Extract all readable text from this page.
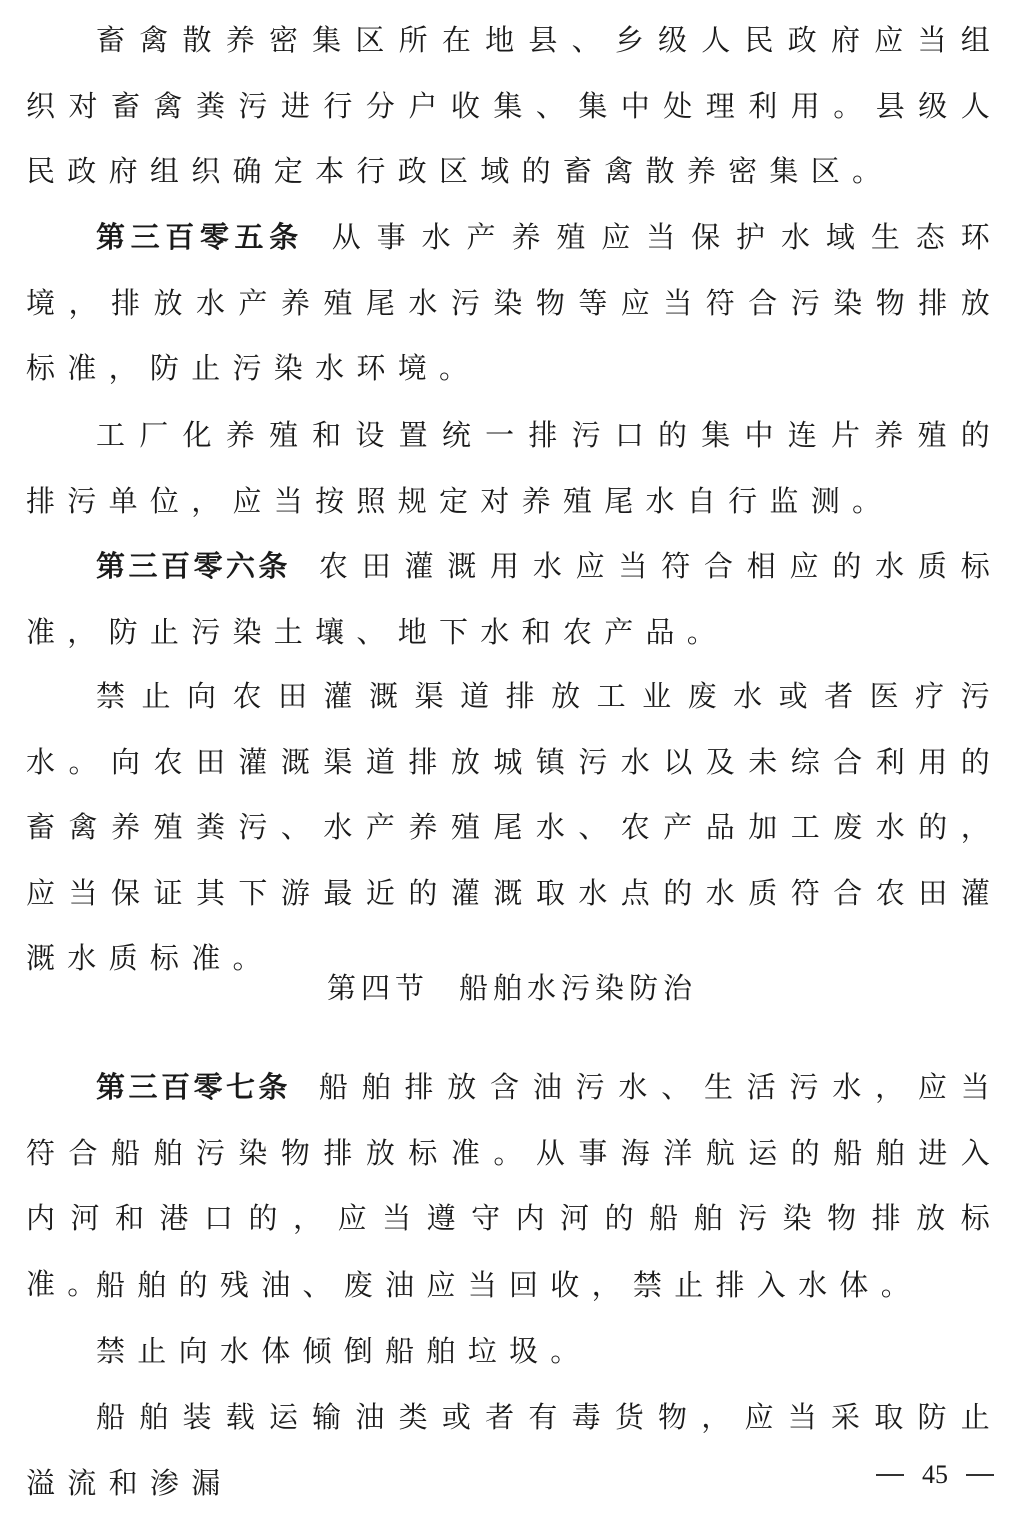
畜禽散养密集区所在地县、乡级人民政府应当组织对畜禽粪污进行分户收集、集中处理利用。县级人民政府组织确定本行政区域的畜禽散养密集区。

第三百零五条 从事水产养殖应当保护水域生态环境，排放水产养殖尾水污染物等应当符合污染物排放标准，防止污染水环境。

工厂化养殖和设置统一排污口的集中连片养殖的排污单位，应当按照规定对养殖尾水自行监测。

第三百零六条 农田灌溉用水应当符合相应的水质标准，防止污染土壤、地下水和农产品。

禁止向农田灌溉渠道排放工业废水或者医疗污水。向农田灌溉渠道排放城镇污水以及未综合利用的畜禽养殖粪污、水产养殖尾水、农产品加工废水的，应当保证其下游最近的灌溉取水点的水质符合农田灌溉水质标准。

第四节 船舶水污染防治

第三百零七条 船舶排放含油污水、生活污水，应当符合船舶污染物排放标准。从事海洋航运的船舶进入内河和港口的，应当遵守内河的船舶污染物排放标准。

船舶的残油、废油应当回收，禁止排入水体。

禁止向水体倾倒船舶垃圾。

船舶装载运输油类或者有毒货物，应当采取防止溢流和渗漏	45
